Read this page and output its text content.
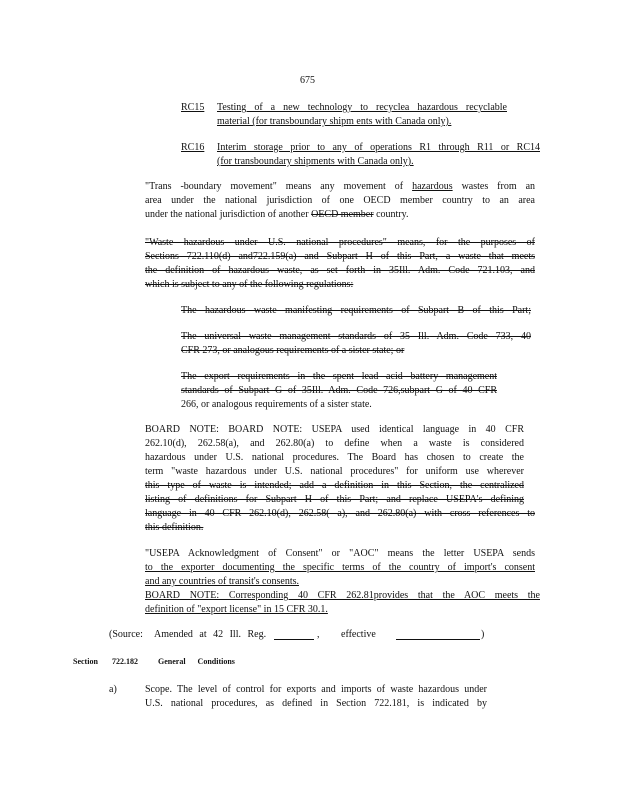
675
RC15 Testing of a new technology to recyclea hazardous recyclable
material (for transboundary shipm ents with Canada only).
RC16 Interim storage prior to any of operations R1 through R11 or RC14
(for transboundary shipments with Canada only).
"Trans -boundary movement" means any movement of hazardous wastes from an
area under the national jurisdiction of one OECD member country to an area
under the national jurisdiction of another OECD member country.
"Waste hazardous under U.S. national procedures" means, for the purposes of
Sections 722.110(d) and722.159(a) and Subpart H of this Part, a waste that meets
the definition of hazardous waste, as set forth in 35Ill. Adm. Code 721.103, and
which is subject to any of the following regulations:
The hazardous waste manifesting requirements of Subpart B of this Part;
The universal waste management standards of 35 Ill. Adm. Code 733, 40
CFR 273, or analogous requirements of a sister state; or
The export requirements in the spent lead acid battery management
standards of Subpart G of 35Ill. Adm. Code 726,subpart G of 40 CFR
266, or analogous requirements of a sister state.
BOARD NOTE: BOARD NOTE: USEPA used identical language in 40 CFR
262.10(d), 262.58(a), and 262.80(a) to define when a waste is considered
hazardous under U.S. national procedures. The Board has chosen to create the
term "waste hazardous under U.S. national procedures" for uniform use wherever
this type of waste is intended; add a definition in this Section, the centralized
listing of definitions for Subpart H of this Part; and replace USEPA's defining
language in 40 CFR 262.10(d), 262.58( a), and 262.80(a) with cross references to
this definition.
"USEPA Acknowledgment of Consent" or "AOC" means the letter USEPA sends
to the exporter documenting the specific terms of the country of import's consent
and any countries of transit's consents.
BOARD NOTE: Corresponding 40 CFR 262.81provides that the AOC meets the
definition of "export license" in 15 CFR 30.1.
(Source: Amended at 42 Ill. Reg.	, effective	)
Section 722.182	General Conditions
a)	Scope. The level of control for exports and imports of waste hazardous under
U.S. national procedures, as defined in Section 722.181, is indicated by
